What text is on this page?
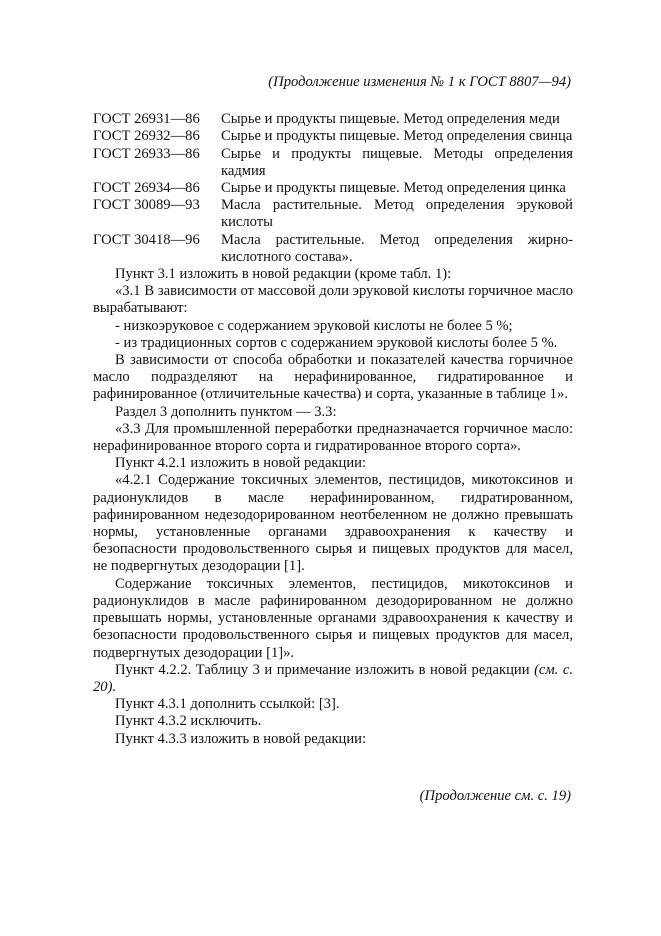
(Продолжение изменения № 1 к ГОСТ 8807—94)
ГОСТ 26931—86	Сырье и продукты пищевые. Метод определения меди
ГОСТ 26932—86	Сырье и продукты пищевые. Метод определения свинца
ГОСТ 26933—86	Сырье и продукты пищевые. Методы определения кадмия
ГОСТ 26934—86	Сырье и продукты пищевые. Метод определения цинка
ГОСТ 30089—93	Масла растительные. Метод определения эруковой кислоты
ГОСТ 30418—96	Масла растительные. Метод определения жирно-кислотного состава».

Пункт 3.1 изложить в новой редакции (кроме табл. 1):

«3.1 В зависимости от массовой доли эруковой кислоты горчичное масло вырабатывают:

- низкоэруковое с содержанием эруковой кислоты не более 5 %;

- из традиционных сортов с содержанием эруковой кислоты более 5 %.

В зависимости от способа обработки и показателей качества горчичное масло подразделяют на нерафинированное, гидратированное и рафинированное (отличительные качества) и сорта, указанные в таблице 1».

Раздел 3 дополнить пунктом — 3.3:

«3.3 Для промышленной переработки предназначается горчичное масло: нерафинированное второго сорта и гидратированное второго сорта».

Пункт 4.2.1 изложить в новой редакции:

«4.2.1 Содержание токсичных элементов, пестицидов, микотоксинов и радионуклидов в масле нерафинированном, гидратированном, рафинированном недезодорированном неотбеленном не должно превышать нормы, установленные органами здравоохранения к качеству и безопасности продовольственного сырья и пищевых продуктов для масел, не подвергнутых дезодорации [1].

Содержание токсичных элементов, пестицидов, микотоксинов и радионуклидов в масле рафинированном дезодорированном не должно превышать нормы, установленные органами здравоохранения к качеству и безопасности продовольственного сырья и пищевых продуктов для масел, подвергнутых дезодорации [1]».

Пункт 4.2.2. Таблицу 3 и примечание изложить в новой редакции (см. с. 20).

Пункт 4.3.1 дополнить ссылкой: [3].

Пункт 4.3.2 исключить.

Пункт 4.3.3 изложить в новой редакции:

(Продолжение см. с. 19)
